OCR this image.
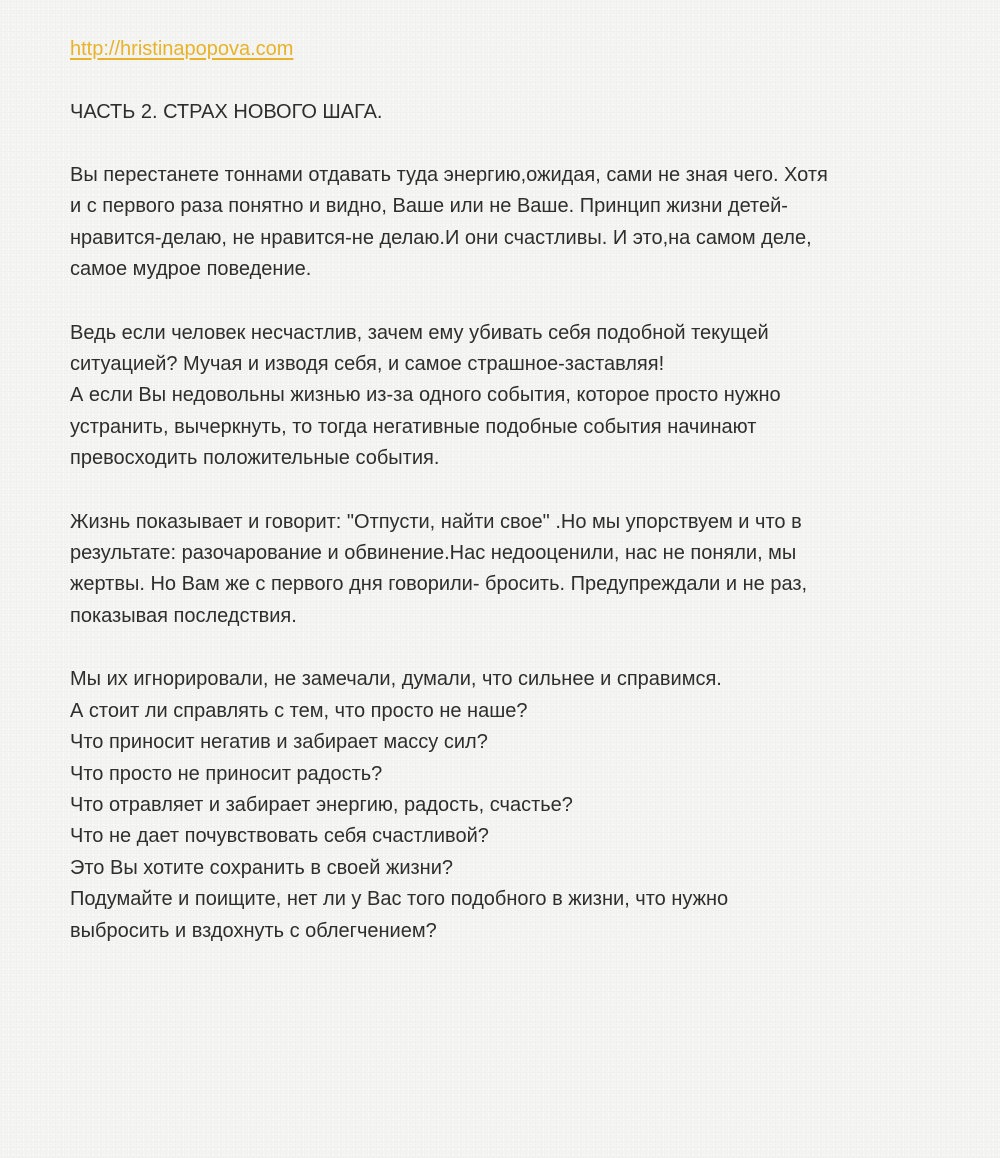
http://hristinapopova.com
ЧАСТЬ 2. СТРАХ НОВОГО ШАГА.
Вы перестанете тоннами отдавать туда энергию,ожидая, сами не зная чего. Хотя
и с первого раза понятно и видно, Ваше или не Ваше. Принцип жизни детей-
нравится-делаю, не нравится-не делаю.И они счастливы. И это,на самом деле,
самое мудрое поведение.
Ведь если человек несчастлив, зачем ему убивать себя подобной текущей
ситуацией? Мучая и изводя себя, и самое страшное-заставляя!
А если Вы недовольны жизнью из-за одного события, которое просто нужно
устранить, вычеркнуть, то тогда негативные подобные события начинают
превосходить положительные события.
Жизнь показывает и говорит: "Отпусти, найти свое" .Но мы упорствуем и что в
результате: разочарование и обвинение.Нас недооценили, нас не поняли, мы
жертвы. Но Вам же с первого дня говорили- бросить. Предупреждали и не раз,
показывая последствия.
Мы их игнорировали, не замечали, думали, что сильнее и справимся.
А стоит ли справлять с тем, что просто не наше?
Что приносит негатив и забирает массу сил?
Что просто не приносит радость?
Что отравляет и забирает энергию, радость, счастье?
Что не дает почувствовать себя счастливой?
Это Вы хотите сохранить в своей жизни?
Подумайте и поищите, нет ли у Вас того подобного в жизни, что нужно
выбросить и вздохнуть с облегчением?
